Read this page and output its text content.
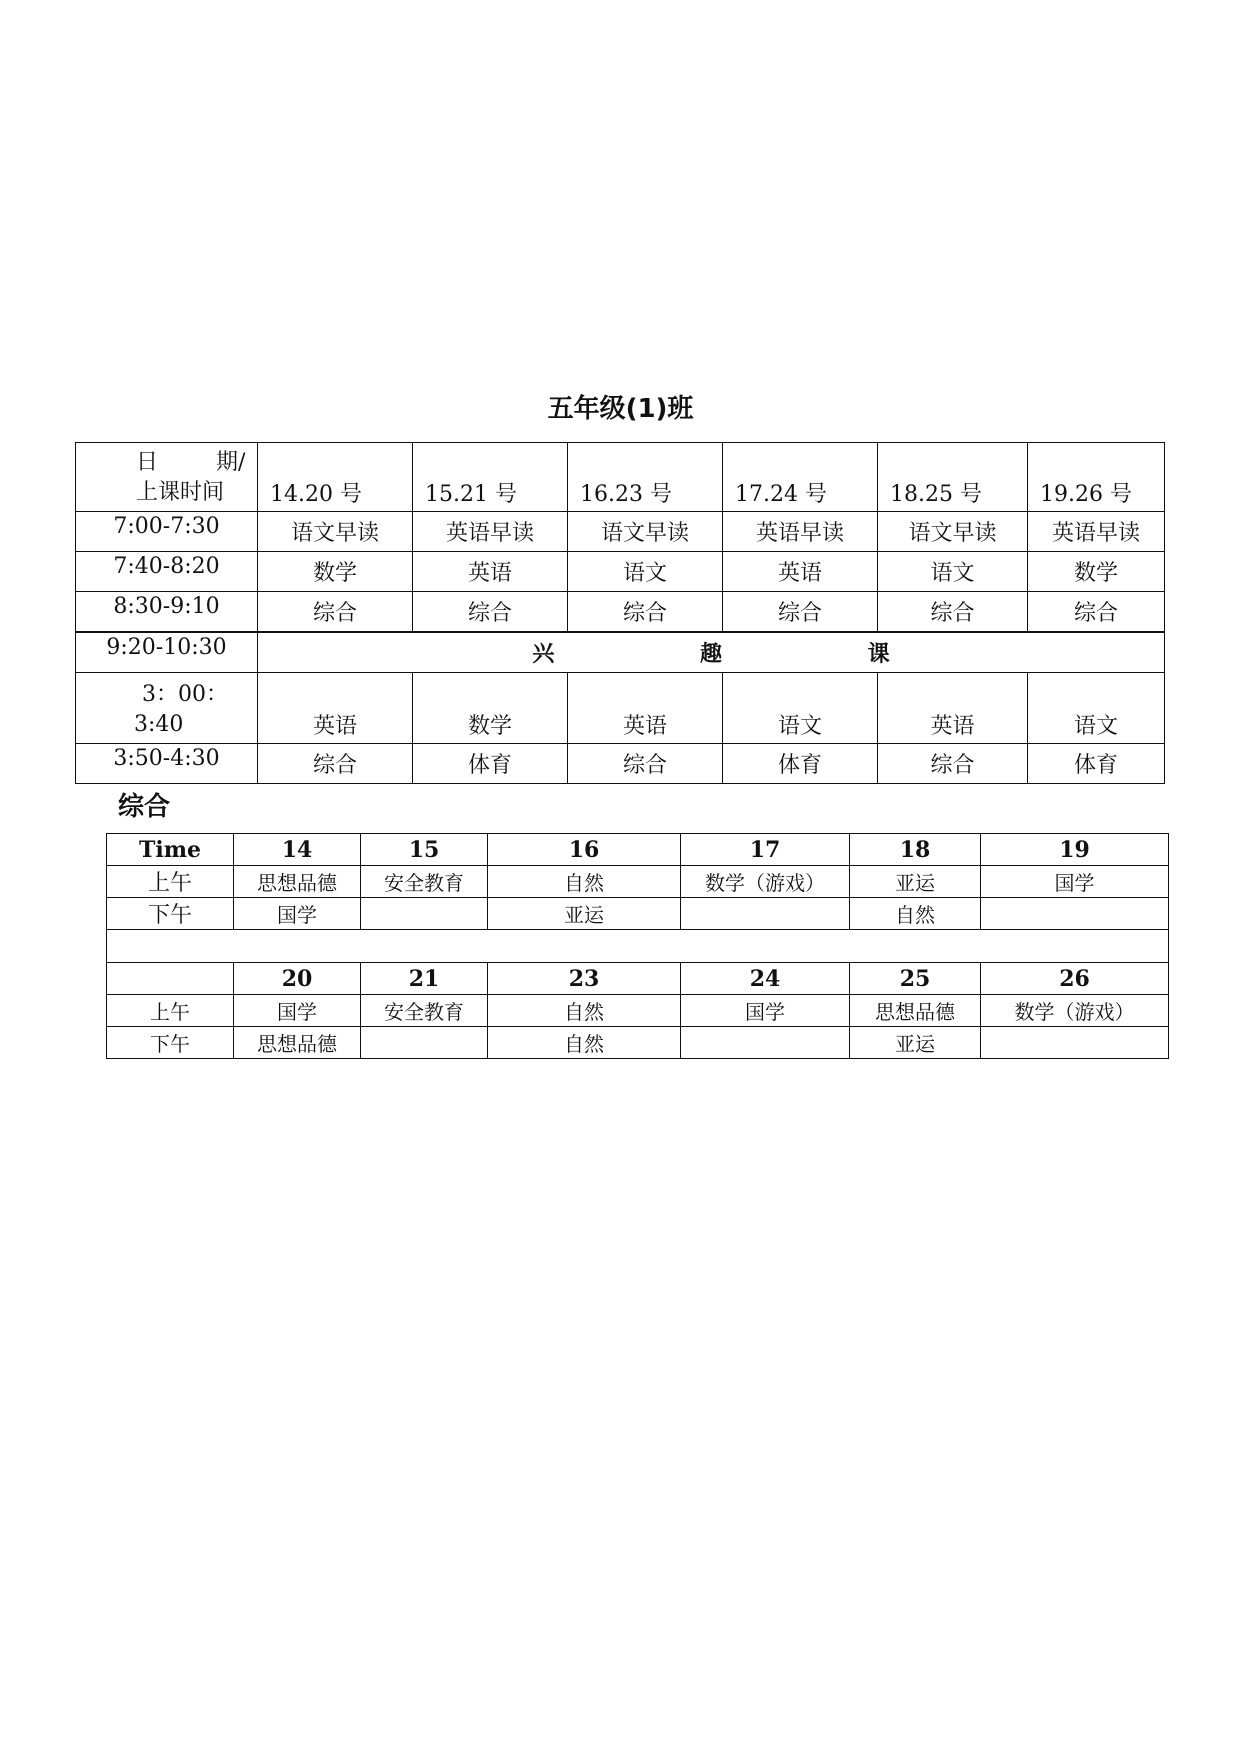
五年级(1)班
日 期/
上课时间	14.20 号	15.21 号	16.23 号	17.24 号	18.25 号	19.26 号
7:00-7:30	语文早读	英语早读	语文早读	英语早读	语文早读	英语早读
7:40-8:20	数学	英语	语文	英语	语文	数学
8:30-9:10	综合	综合	综合	综合	综合	综合
9:20-10:30	兴 趣 课					
3：00：
3:40	英语	数学	英语	语文	英语	语文
3:50-4:30	综合	体育	综合	体育	综合	体育
综合
Time	14	15	16	17	18	19
上午	思想品德	安全教育	自然	数学（游戏）	亚运	国学
下午	国学		亚运		自然	

	20	21	23	24	25	26
上午	国学	安全教育	自然	国学	思想品德	数学（游戏）
下午	思想品德		自然		亚运	
